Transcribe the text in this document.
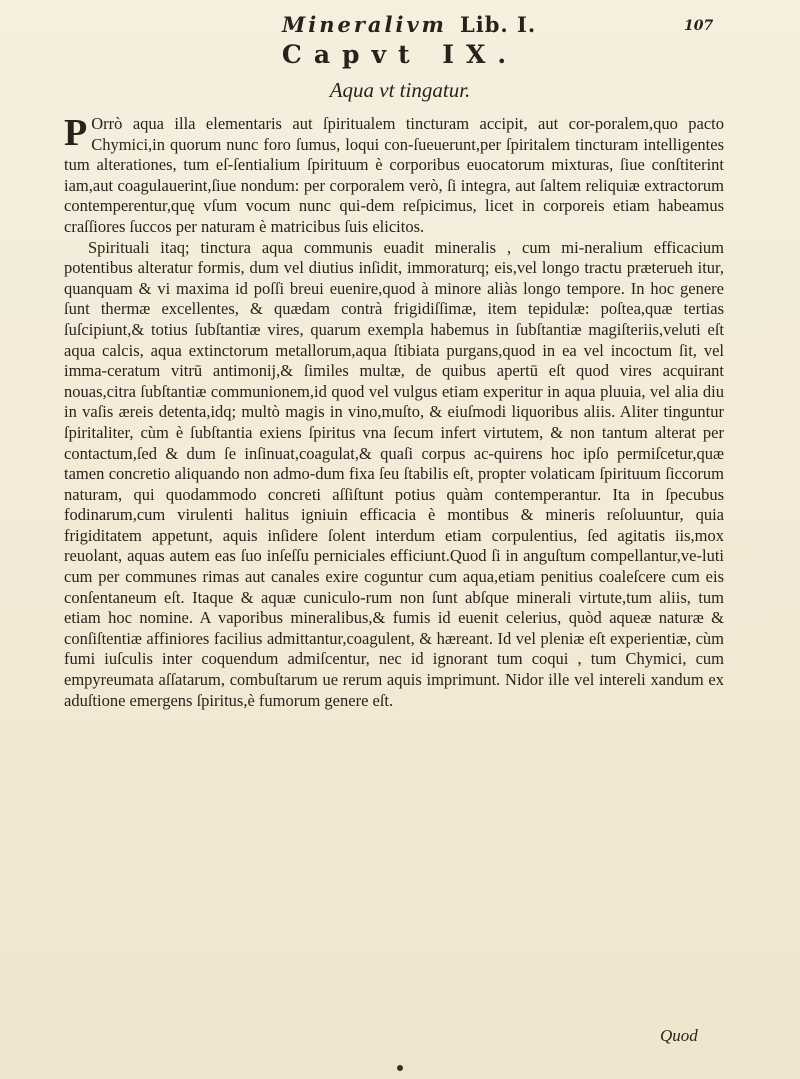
Mineralivm Lib. I.	107
Capvt IX.
Aqua vt tingatur.

P Orrò aqua illa elementaris aut ſpiritualem tincturam accipit, aut cor-poralem,quo pacto Chymici,in quorum nunc foro ſumus, loqui con-ſueuerunt,per ſpiritalem tincturam intelligentes tum alterationes, tum eſ-ſentialium ſpirituum è corporibus euocatorum mixturas, ſiue conſtiterint iam,aut coagulauerint,ſiue nondum: per corporalem verò, ſi integra, aut ſaltem reliquiæ extractorum contemperentur,quę vſum vocum nunc qui-dem reſpicimus, licet in corporeis etiam habeamus craſſiores ſuccos per naturam è matricibus ſuis elicitos.

Spirituali itaq; tinctura aqua communis euadit mineralis , cum mi-neralium efficacium potentibus alteratur formis, dum vel diutius inſidit, immoraturq; eis,vel longo tractu præterueh itur, quanquam & vi maxima id poſſi breui euenire,quod à minore aliàs longo tempore. In hoc genere ſunt thermæ excellentes, & quædam contrà frigidiſſimæ, item tepidulæ: poſtea,quæ tertias ſuſcipiunt,& totius ſubſtantiæ vires, quarum exempla habemus in ſubſtantiæ magiſteriis,veluti eſt aqua calcis, aqua extinctorum metallorum,aqua ſtibiata purgans,quod in ea vel incoctum ſit, vel imma-ceratum vitrū antimonij,& ſimiles multæ, de quibus apertū eſt quod vires acquirant nouas,citra ſubſtantiæ communionem,id quod vel vulgus etiam experitur in aqua pluuia, vel alia diu in vaſis æreis detenta,idq; multò magis in vino,muſto, & eiuſmodi liquoribus aliis. Aliter tinguntur ſpiritaliter, cùm è ſubſtantia exiens ſpiritus vna ſecum infert virtutem, & non tantum alterat per contactum,ſed & dum ſe inſinuat,coagulat,& quaſi corpus ac-quirens hoc ipſo permiſcetur,quæ tamen concretio aliquando non admo-dum fixa ſeu ſtabilis eſt, propter volaticam ſpirituum ſiccorum naturam, qui quodammodo concreti aſſiſtunt potius quàm contemperantur. Ita in ſpecubus fodinarum,cum virulenti halitus igniuin efficacia è montibus & mineris reſoluuntur, quia frigiditatem appetunt, aquis inſidere ſolent interdum etiam corpulentius, ſed agitatis iis,mox reuolant, aquas autem eas ſuo inſeſſu perniciales efficiunt.Quod ſi in anguſtum compellantur,ve-luti cum per communes rimas aut canales exire coguntur cum aqua,etiam penitius coaleſcere cum eis conſentaneum eſt. Itaque & aquæ cuniculo-rum non ſunt abſque minerali virtute,tum aliis, tum etiam hoc nomine. A vaporibus mineralibus,& fumis id euenit celerius, quòd aqueæ naturæ & conſiſtentiæ affiniores facilius admittantur,coagulent, & hæreant. Id vel pleniæ eſt experientiæ, cùm fumi iuſculis inter coquendum admiſcentur, nec id ignorant tum coqui , tum Chymici, cum empyreumata aſſatarum, combuſtarum ue rerum aquis imprimunt. Nidor ille vel intereli xandum ex aduſtione emergens ſpiritus,è fumorum genere eſt.

Quod
